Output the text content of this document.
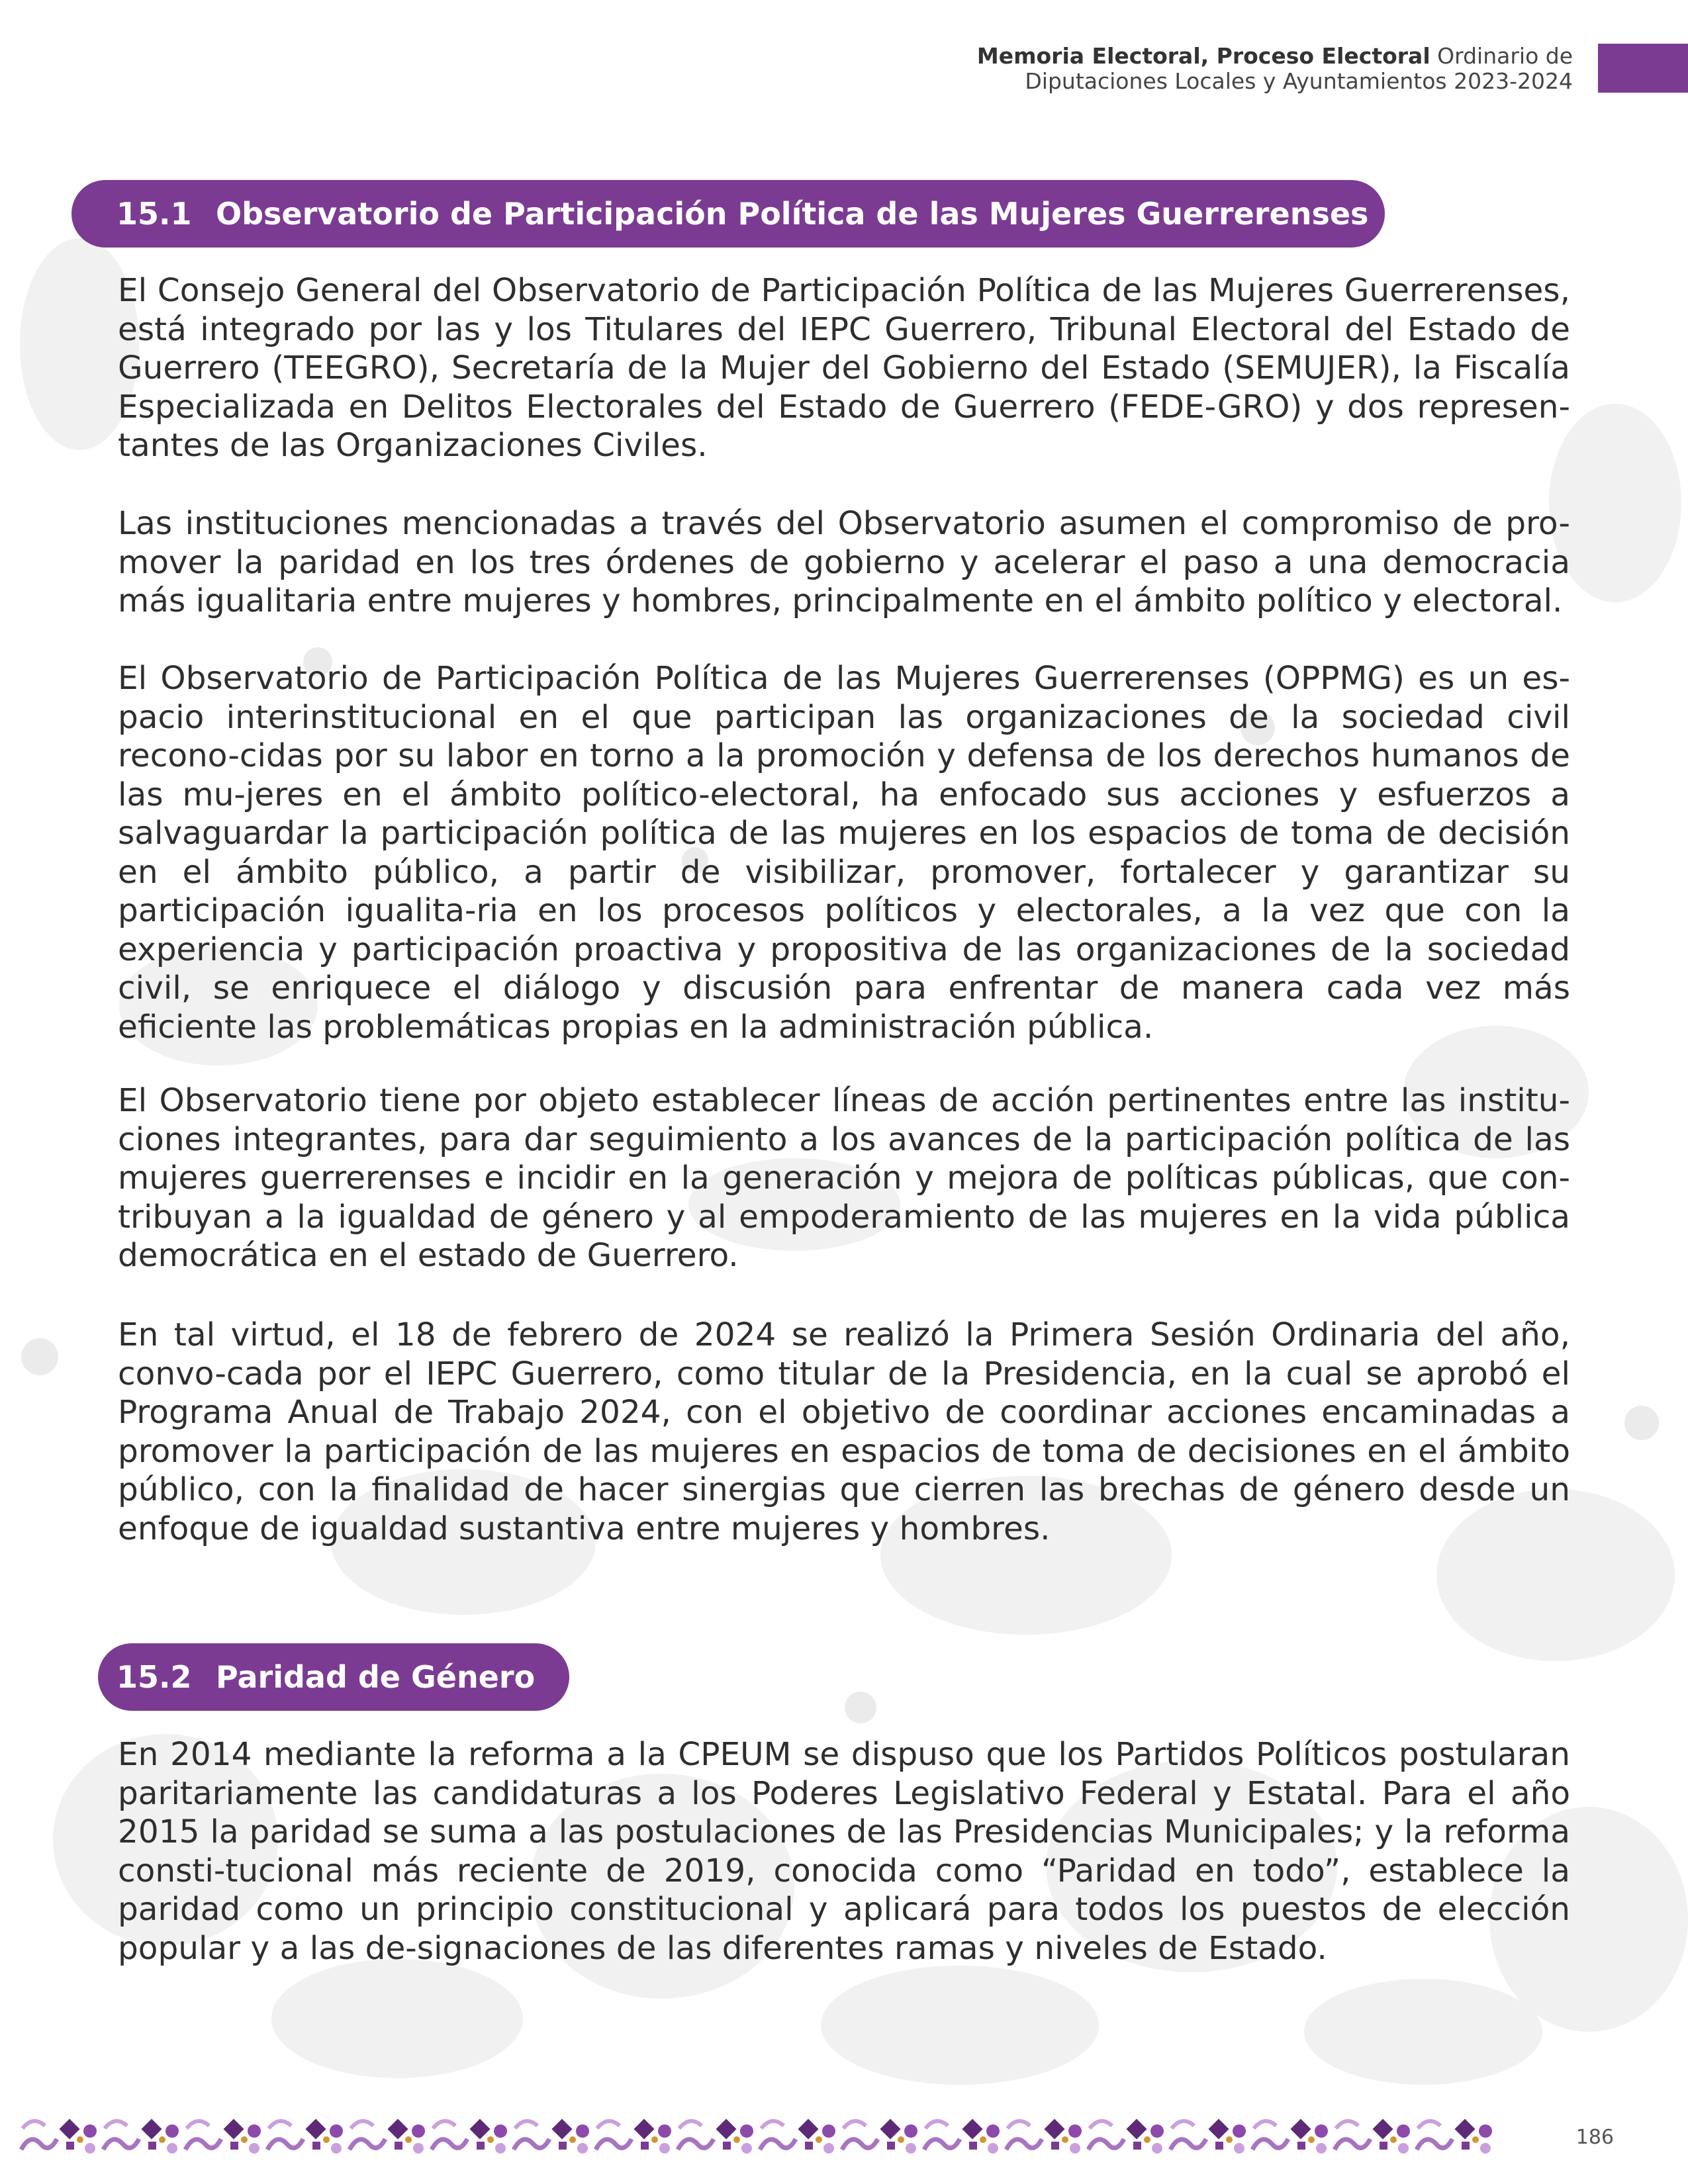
Memoria Electoral, Proceso Electoral Ordinario de
Diputaciones Locales y Ayuntamientos 2023-2024
15.1 Observatorio de Participación Política de las Mujeres Guerrerenses

El Consejo General del Observatorio de Participación Política de las Mujeres Guerrerenses, está integrado por las y los Titulares del IEPC Guerrero, Tribunal Electoral del Estado de Guerrero (TEEGRO), Secretaría de la Mujer del Gobierno del Estado (SEMUJER), la Fiscalía Especializada en Delitos Electorales del Estado de Guerrero (FEDE-GRO) y dos represen-tantes de las Organizaciones Civiles.

Las instituciones mencionadas a través del Observatorio asumen el compromiso de pro-mover la paridad en los tres órdenes de gobierno y acelerar el paso a una democracia más igualitaria entre mujeres y hombres, principalmente en el ámbito político y electoral.

El Observatorio de Participación Política de las Mujeres Guerrerenses (OPPMG) es un es-pacio interinstitucional en el que participan las organizaciones de la sociedad civil recono-cidas por su labor en torno a la promoción y defensa de los derechos humanos de las mu-jeres en el ámbito político-electoral, ha enfocado sus acciones y esfuerzos a salvaguardar la participación política de las mujeres en los espacios de toma de decisión en el ámbito público, a partir de visibilizar, promover, fortalecer y garantizar su participación igualita-ria en los procesos políticos y electorales, a la vez que con la experiencia y participación proactiva y propositiva de las organizaciones de la sociedad civil, se enriquece el diálogo y discusión para enfrentar de manera cada vez más eficiente las problemáticas propias en la administración pública.

El Observatorio tiene por objeto establecer líneas de acción pertinentes entre las institu-ciones integrantes, para dar seguimiento a los avances de la participación política de las mujeres guerrerenses e incidir en la generación y mejora de políticas públicas, que con-tribuyan a la igualdad de género y al empoderamiento de las mujeres en la vida pública democrática en el estado de Guerrero.

En tal virtud, el 18 de febrero de 2024 se realizó la Primera Sesión Ordinaria del año, convo-cada por el IEPC Guerrero, como titular de la Presidencia, en la cual se aprobó el Programa Anual de Trabajo 2024, con el objetivo de coordinar acciones encaminadas a promover la participación de las mujeres en espacios de toma de decisiones en el ámbito público, con la finalidad de hacer sinergias que cierren las brechas de género desde un enfoque de igualdad sustantiva entre mujeres y hombres.

15.2 Paridad de Género

En 2014 mediante la reforma a la CPEUM se dispuso que los Partidos Políticos postularan paritariamente las candidaturas a los Poderes Legislativo Federal y Estatal. Para el año 2015 la paridad se suma a las postulaciones de las Presidencias Municipales; y la reforma consti-tucional más reciente de 2019, conocida como “Paridad en todo”, establece la paridad como un principio constitucional y aplicará para todos los puestos de elección popular y a las de-signaciones de las diferentes ramas y niveles de Estado.

186
